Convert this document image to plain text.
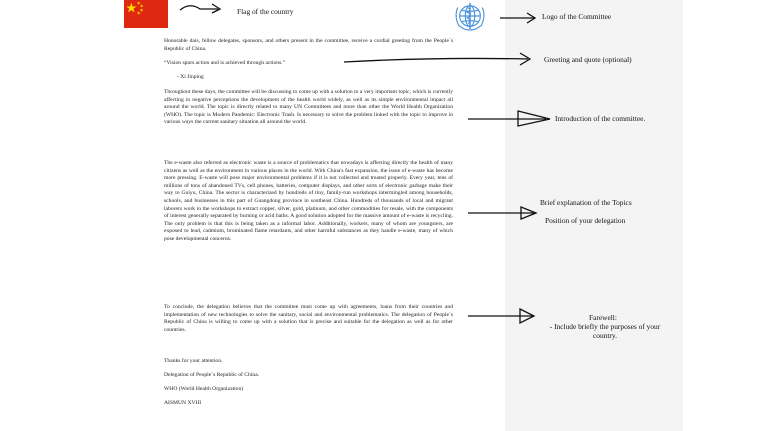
Honorable dais, fellow delegates, sponsors, and others present in the committee, receive a cordial greeting from the People´s Republic of China.

“Vision spurs action and is achieved through actions.”

- Xi Jinping

Throughout these days, the committee will be discussing to come up with a solution to a very important topic, which is currently affecting in negative perceptions the development of the health world widely, as well as its simple environmental impact all around the world. The topic is directly related to many UN Committees and more than other the World Health Organization (WHO). The topic is Modern Pandemic: Electronic Trash. Is necessary to solve the problem linked with the topic to improve in various ways the current sanitary situation all around the world.

The e-waste also referred as electronic waste is a source of problematics that nowadays is affecting directly the health of many citizens as well as the environment in various places in the world. With China's fast expansion, the issue of e-waste has become more pressing. E-waste will pose major environmental problems if it is not collected and treated properly. Every year, tens of millions of tons of abandoned TVs, cell phones, batteries, computer displays, and other sorts of electronic garbage make their way to Guiyu, China. The sector is characterized by hundreds of tiny, family-run workshops intermingled among households, schools, and businesses in this part of Guangdong province in southeast China. Hundreds of thousands of local and migrant laborers work in the workshops to extract copper, silver, gold, platinum, and other commodities for resale, with the components of interest generally separated by burning or acid baths. A good solution adopted for the massive amount of e-waste is recycling. The only problem is that this is being taken as a informal labor. Additionally, workers, many of whom are youngsters, are exposed to lead, cadmium, brominated flame retardants, and other harmful substances as they handle e-waste, many of which pose developmental concerns.

To conclude, the delegation believes that the committee must come up with agreements, loans from their countries and implementation of new technologies to solve the sanitary, social and environmental problematics. The delegation of People´s Republic of China is willing to come up with a solution that is precise and suitable for the delegation as well as for other countries.

Thanks for your attention.

Delegation of People´s Republic of China.

WHO (World Health Organization)

AISMUN XVIII

Flag of the country
Logo of the Committee
Greeting and quote (optional)
Introduction of the committee.
Brief explanation of the Topics
Position of your delegation
Farewell:
- Include briefly the purposes of your country.
